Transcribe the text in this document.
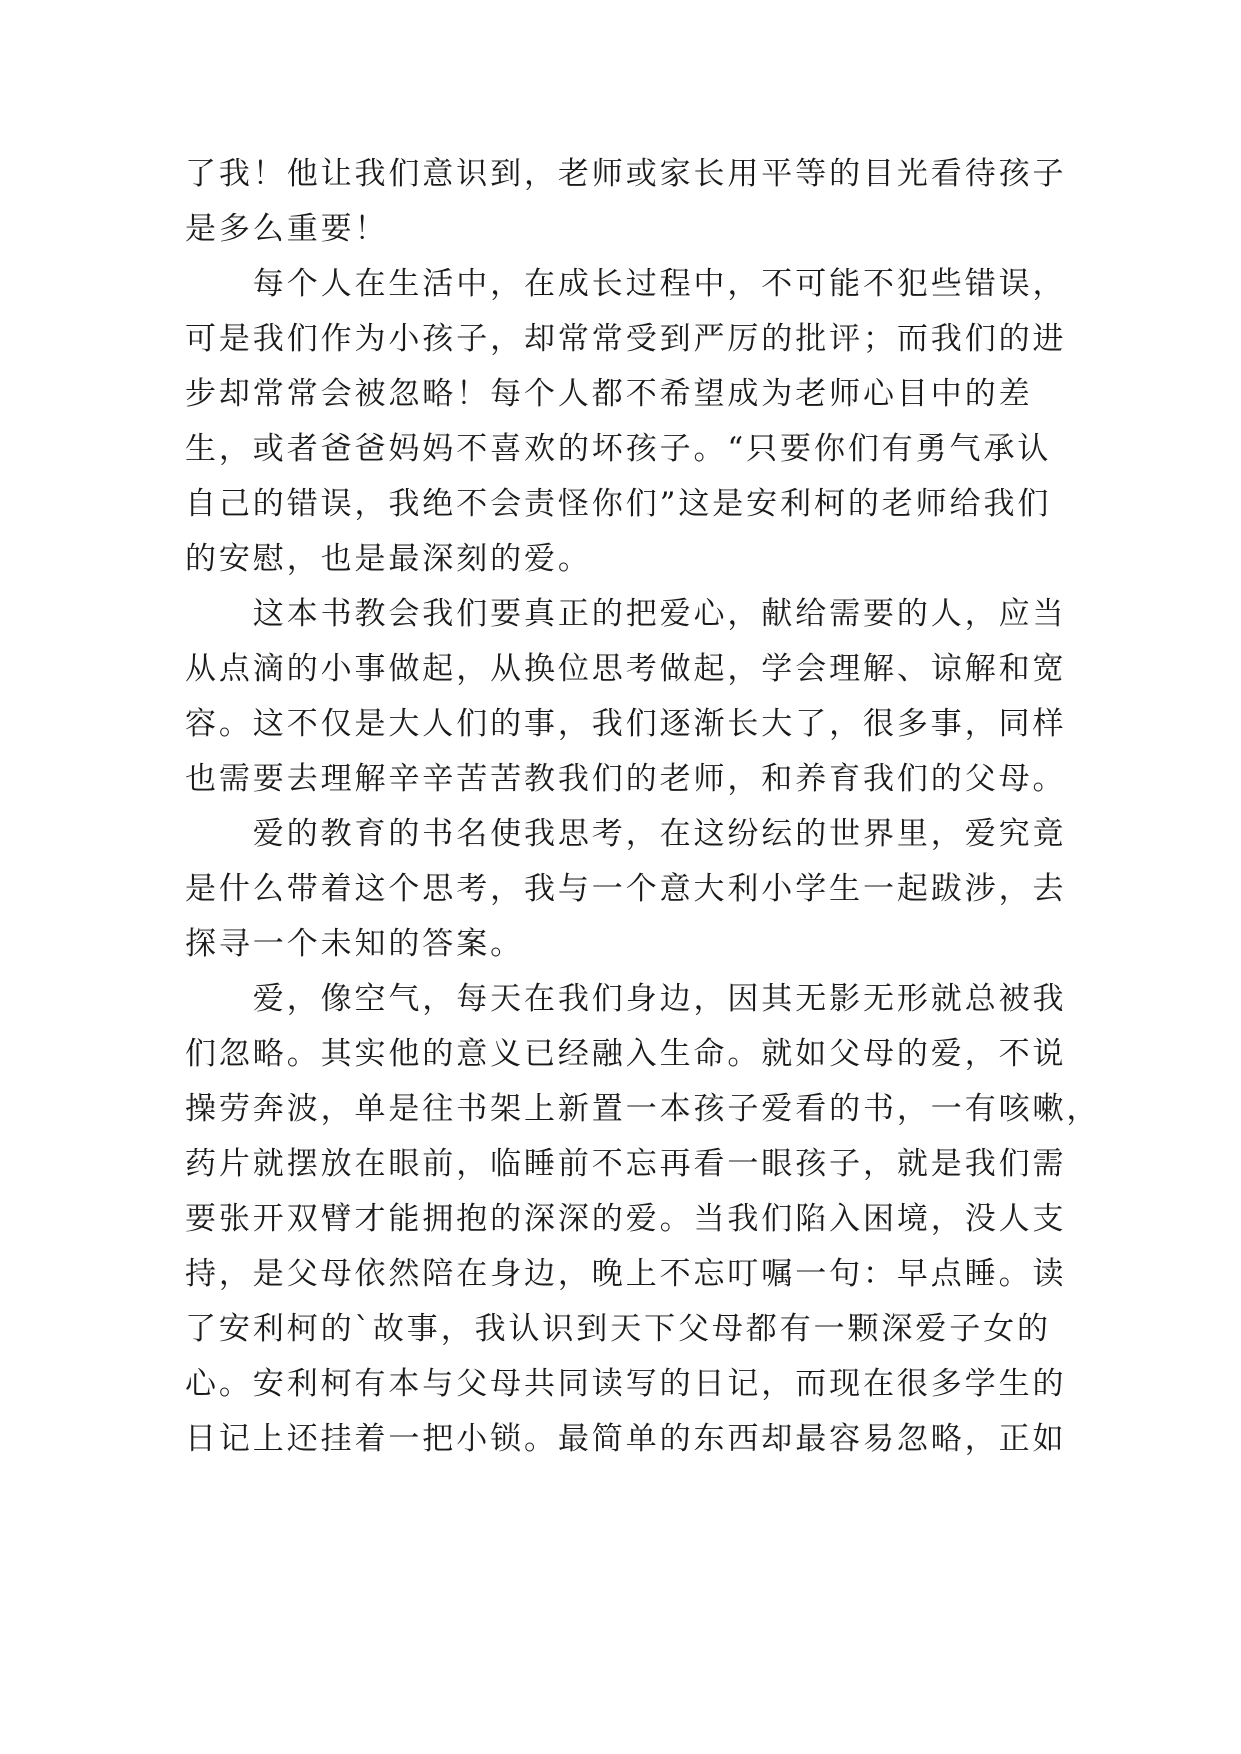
了我！他让我们意识到，老师或家长用平等的目光看待孩子
是多么重要！
　　每个人在生活中，在成长过程中，不可能不犯些错误，
可是我们作为小孩子，却常常受到严厉的批评；而我们的进
步却常常会被忽略！每个人都不希望成为老师心目中的差
生，或者爸爸妈妈不喜欢的坏孩子。“只要你们有勇气承认
自己的错误，我绝不会责怪你们”这是安利柯的老师给我们
的安慰，也是最深刻的爱。
　　这本书教会我们要真正的把爱心，献给需要的人，应当
从点滴的小事做起，从换位思考做起，学会理解、谅解和宽
容。这不仅是大人们的事，我们逐渐长大了，很多事，同样
也需要去理解辛辛苦苦教我们的老师，和养育我们的父母。
　　爱的教育的书名使我思考，在这纷纭的世界里，爱究竟
是什么带着这个思考，我与一个意大利小学生一起跋涉，去
探寻一个未知的答案。
　　爱，像空气，每天在我们身边，因其无影无形就总被我
们忽略。其实他的意义已经融入生命。就如父母的爱，不说
操劳奔波，单是往书架上新置一本孩子爱看的书，一有咳嗽，
药片就摆放在眼前，临睡前不忘再看一眼孩子，就是我们需
要张开双臂才能拥抱的深深的爱。当我们陷入困境，没人支
持，是父母依然陪在身边，晚上不忘叮嘱一句：早点睡。读
了安利柯的`故事，我认识到天下父母都有一颗深爱子女的
心。安利柯有本与父母共同读写的日记，而现在很多学生的
日记上还挂着一把小锁。最简单的东西却最容易忽略，正如
